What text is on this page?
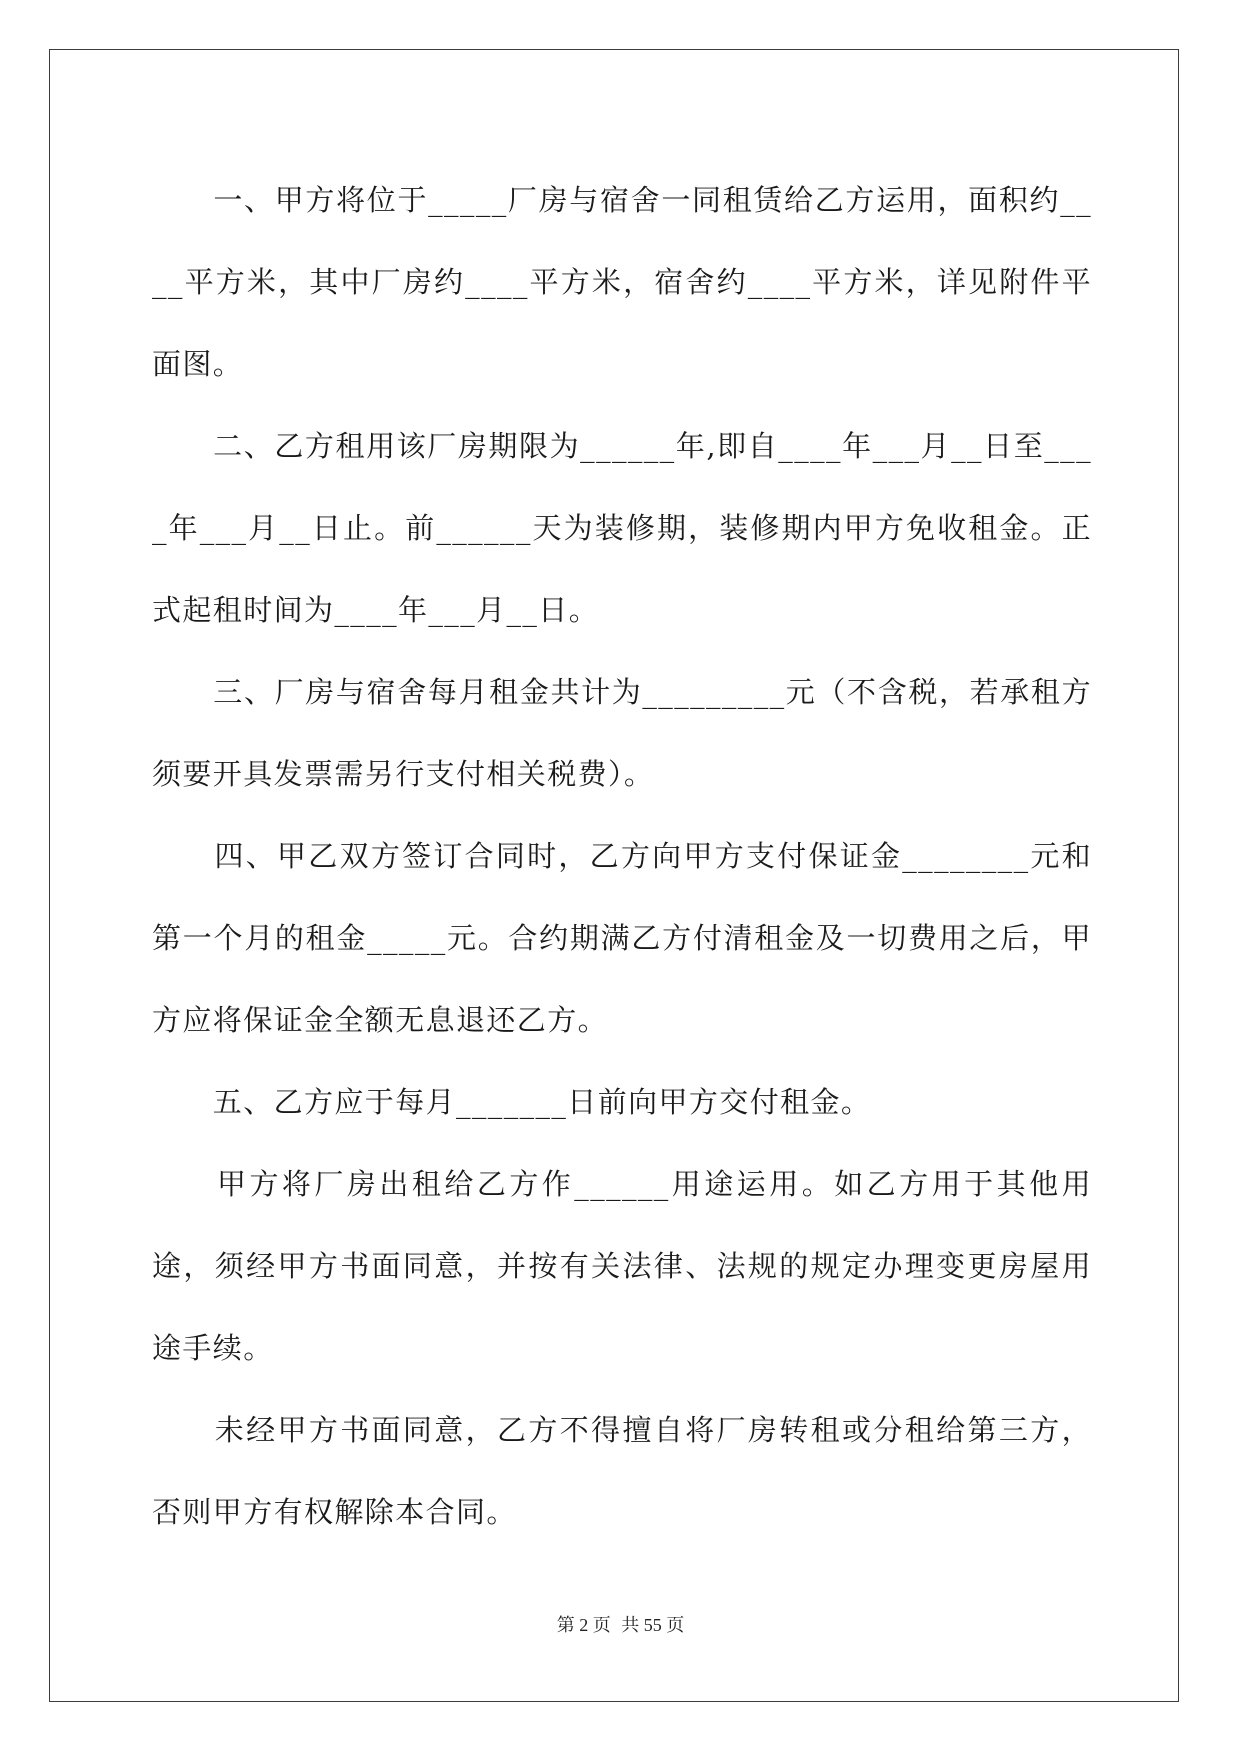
　　一、甲方将位于_____厂房与宿舍一同租赁给乙方运用，面积约____平方米，其中厂房约____平方米，宿舍约____平方米，详见附件平面图。

　　二、乙方租用该厂房期限为______年,即自____年___月__日至____年___月__日止。前______天为装修期，装修期内甲方免收租金。正式起租时间为____年___月__日。

　　三、厂房与宿舍每月租金共计为_________元（不含税，若承租方须要开具发票需另行支付相关税费）。

　　四、甲乙双方签订合同时，乙方向甲方支付保证金________元和第一个月的租金_____元。合约期满乙方付清租金及一切费用之后，甲方应将保证金全额无息退还乙方。

　　五、乙方应于每月_______日前向甲方交付租金。

　　甲方将厂房出租给乙方作______用途运用。如乙方用于其他用途，须经甲方书面同意，并按有关法律、法规的规定办理变更房屋用途手续。

　　未经甲方书面同意，乙方不得擅自将厂房转租或分租给第三方，否则甲方有权解除本合同。

第 2 页 共 55 页
